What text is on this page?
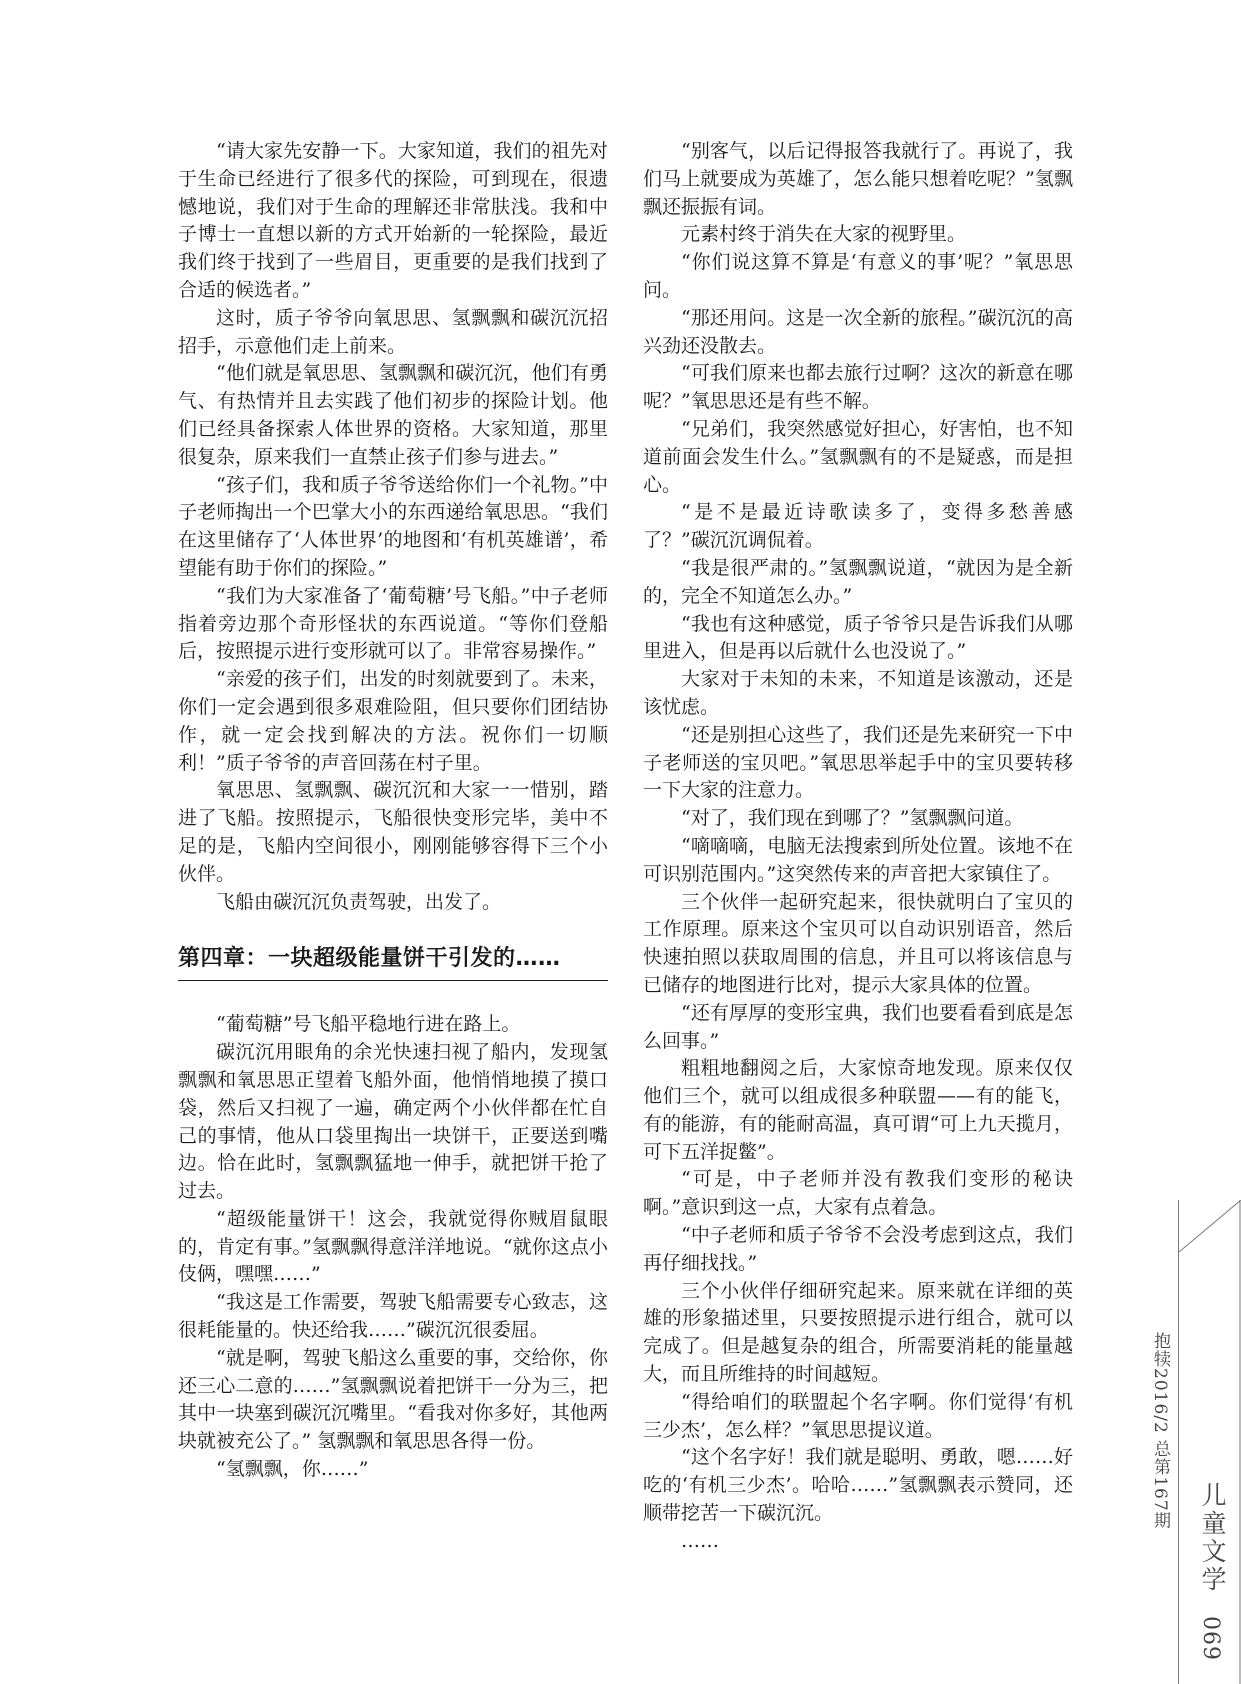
“请大家先安静一下。大家知道，我们的祖先对于生命已经进行了很多代的探险，可到现在，很遗憾地说，我们对于生命的理解还非常肤浅。我和中子博士一直想以新的方式开始新的一轮探险，最近我们终于找到了一些眉目，更重要的是我们找到了合适的候选者。”

这时，质子爷爷向氧思思、氢飘飘和碳沉沉招招手，示意他们走上前来。

“他们就是氧思思、氢飘飘和碳沉沉，他们有勇气、有热情并且去实践了他们初步的探险计划。他们已经具备探索人体世界的资格。大家知道，那里很复杂，原来我们一直禁止孩子们参与进去。”

“孩子们，我和质子爷爷送给你们一个礼物。”中子老师掏出一个巴掌大小的东西递给氧思思。“我们在这里储存了‘人体世界’的地图和‘有机英雄谱’，希望能有助于你们的探险。”

“我们为大家准备了‘葡萄糖’号飞船。”中子老师指着旁边那个奇形怪状的东西说道。“等你们登船后，按照提示进行变形就可以了。非常容易操作。”

“亲爱的孩子们，出发的时刻就要到了。未来，你们一定会遇到很多艰难险阻，但只要你们团结协作，就一定会找到解决的方法。祝你们一切顺利！”质子爷爷的声音回荡在村子里。

氧思思、氢飘飘、碳沉沉和大家一一惜别，踏进了飞船。按照提示，飞船很快变形完毕，美中不足的是，飞船内空间很小，刚刚能够容得下三个小伙伴。

飞船由碳沉沉负责驾驶，出发了。

第四章：一块超级能量饼干引发的……

“葡萄糖”号飞船平稳地行进在路上。

碳沉沉用眼角的余光快速扫视了船内，发现氢飘飘和氧思思正望着飞船外面，他悄悄地摸了摸口袋，然后又扫视了一遍，确定两个小伙伴都在忙自己的事情，他从口袋里掏出一块饼干，正要送到嘴边。恰在此时，氢飘飘猛地一伸手，就把饼干抢了过去。

“超级能量饼干！这会，我就觉得你贼眉鼠眼的，肯定有事。”氢飘飘得意洋洋地说。“就你这点小伎俩，嘿嘿……”

“我这是工作需要，驾驶飞船需要专心致志，这很耗能量的。快还给我……”碳沉沉很委屈。

“就是啊，驾驶飞船这么重要的事，交给你，你还三心二意的……”氢飘飘说着把饼干一分为三，把其中一块塞到碳沉沉嘴里。“看我对你多好，其他两块就被充公了。” 氢飘飘和氧思思各得一份。

“氢飘飘，你……”

“别客气，以后记得报答我就行了。再说了，我们马上就要成为英雄了，怎么能只想着吃呢？”氢飘飘还振振有词。

元素村终于消失在大家的视野里。

“你们说这算不算是‘有意义的事’呢？”氧思思问。

“那还用问。这是一次全新的旅程。”碳沉沉的高兴劲还没散去。

“可我们原来也都去旅行过啊？这次的新意在哪呢？”氧思思还是有些不解。

“兄弟们，我突然感觉好担心，好害怕，也不知道前面会发生什么。”氢飘飘有的不是疑惑，而是担心。

“是不是最近诗歌读多了，变得多愁善感了？”碳沉沉调侃着。

“我是很严肃的。”氢飘飘说道，“就因为是全新的，完全不知道怎么办。”

“我也有这种感觉，质子爷爷只是告诉我们从哪里进入，但是再以后就什么也没说了。”

大家对于未知的未来，不知道是该激动，还是该忧虑。

“还是别担心这些了，我们还是先来研究一下中子老师送的宝贝吧。”氧思思举起手中的宝贝要转移一下大家的注意力。

“对了，我们现在到哪了？”氢飘飘问道。

“嘀嘀嘀，电脑无法搜索到所处位置。该地不在可识别范围内。”这突然传来的声音把大家镇住了。

三个伙伴一起研究起来，很快就明白了宝贝的工作原理。原来这个宝贝可以自动识别语音，然后快速拍照以获取周围的信息，并且可以将该信息与已储存的地图进行比对，提示大家具体的位置。

“还有厚厚的变形宝典，我们也要看看到底是怎么回事。”

粗粗地翻阅之后，大家惊奇地发现。原来仅仅他们三个，就可以组成很多种联盟——有的能飞，有的能游，有的能耐高温，真可谓“可上九天揽月，可下五洋捉鳖”。

“可是，中子老师并没有教我们变形的秘诀啊。”意识到这一点，大家有点着急。

“中子老师和质子爷爷不会没考虑到这点，我们再仔细找找。”

三个小伙伴仔细研究起来。原来就在详细的英雄的形象描述里，只要按照提示进行组合，就可以完成了。但是越复杂的组合，所需要消耗的能量越大，而且所维持的时间越短。

“得给咱们的联盟起个名字啊。你们觉得‘有机三少杰’，怎么样？”氧思思提议道。

“这个名字好！我们就是聪明、勇敢，嗯……好吃的‘有机三少杰’。哈哈……”氢飘飘表示赞同，还顺带挖苦一下碳沉沉。

……

抱犊2016/2 总第167期
儿童文学
069
